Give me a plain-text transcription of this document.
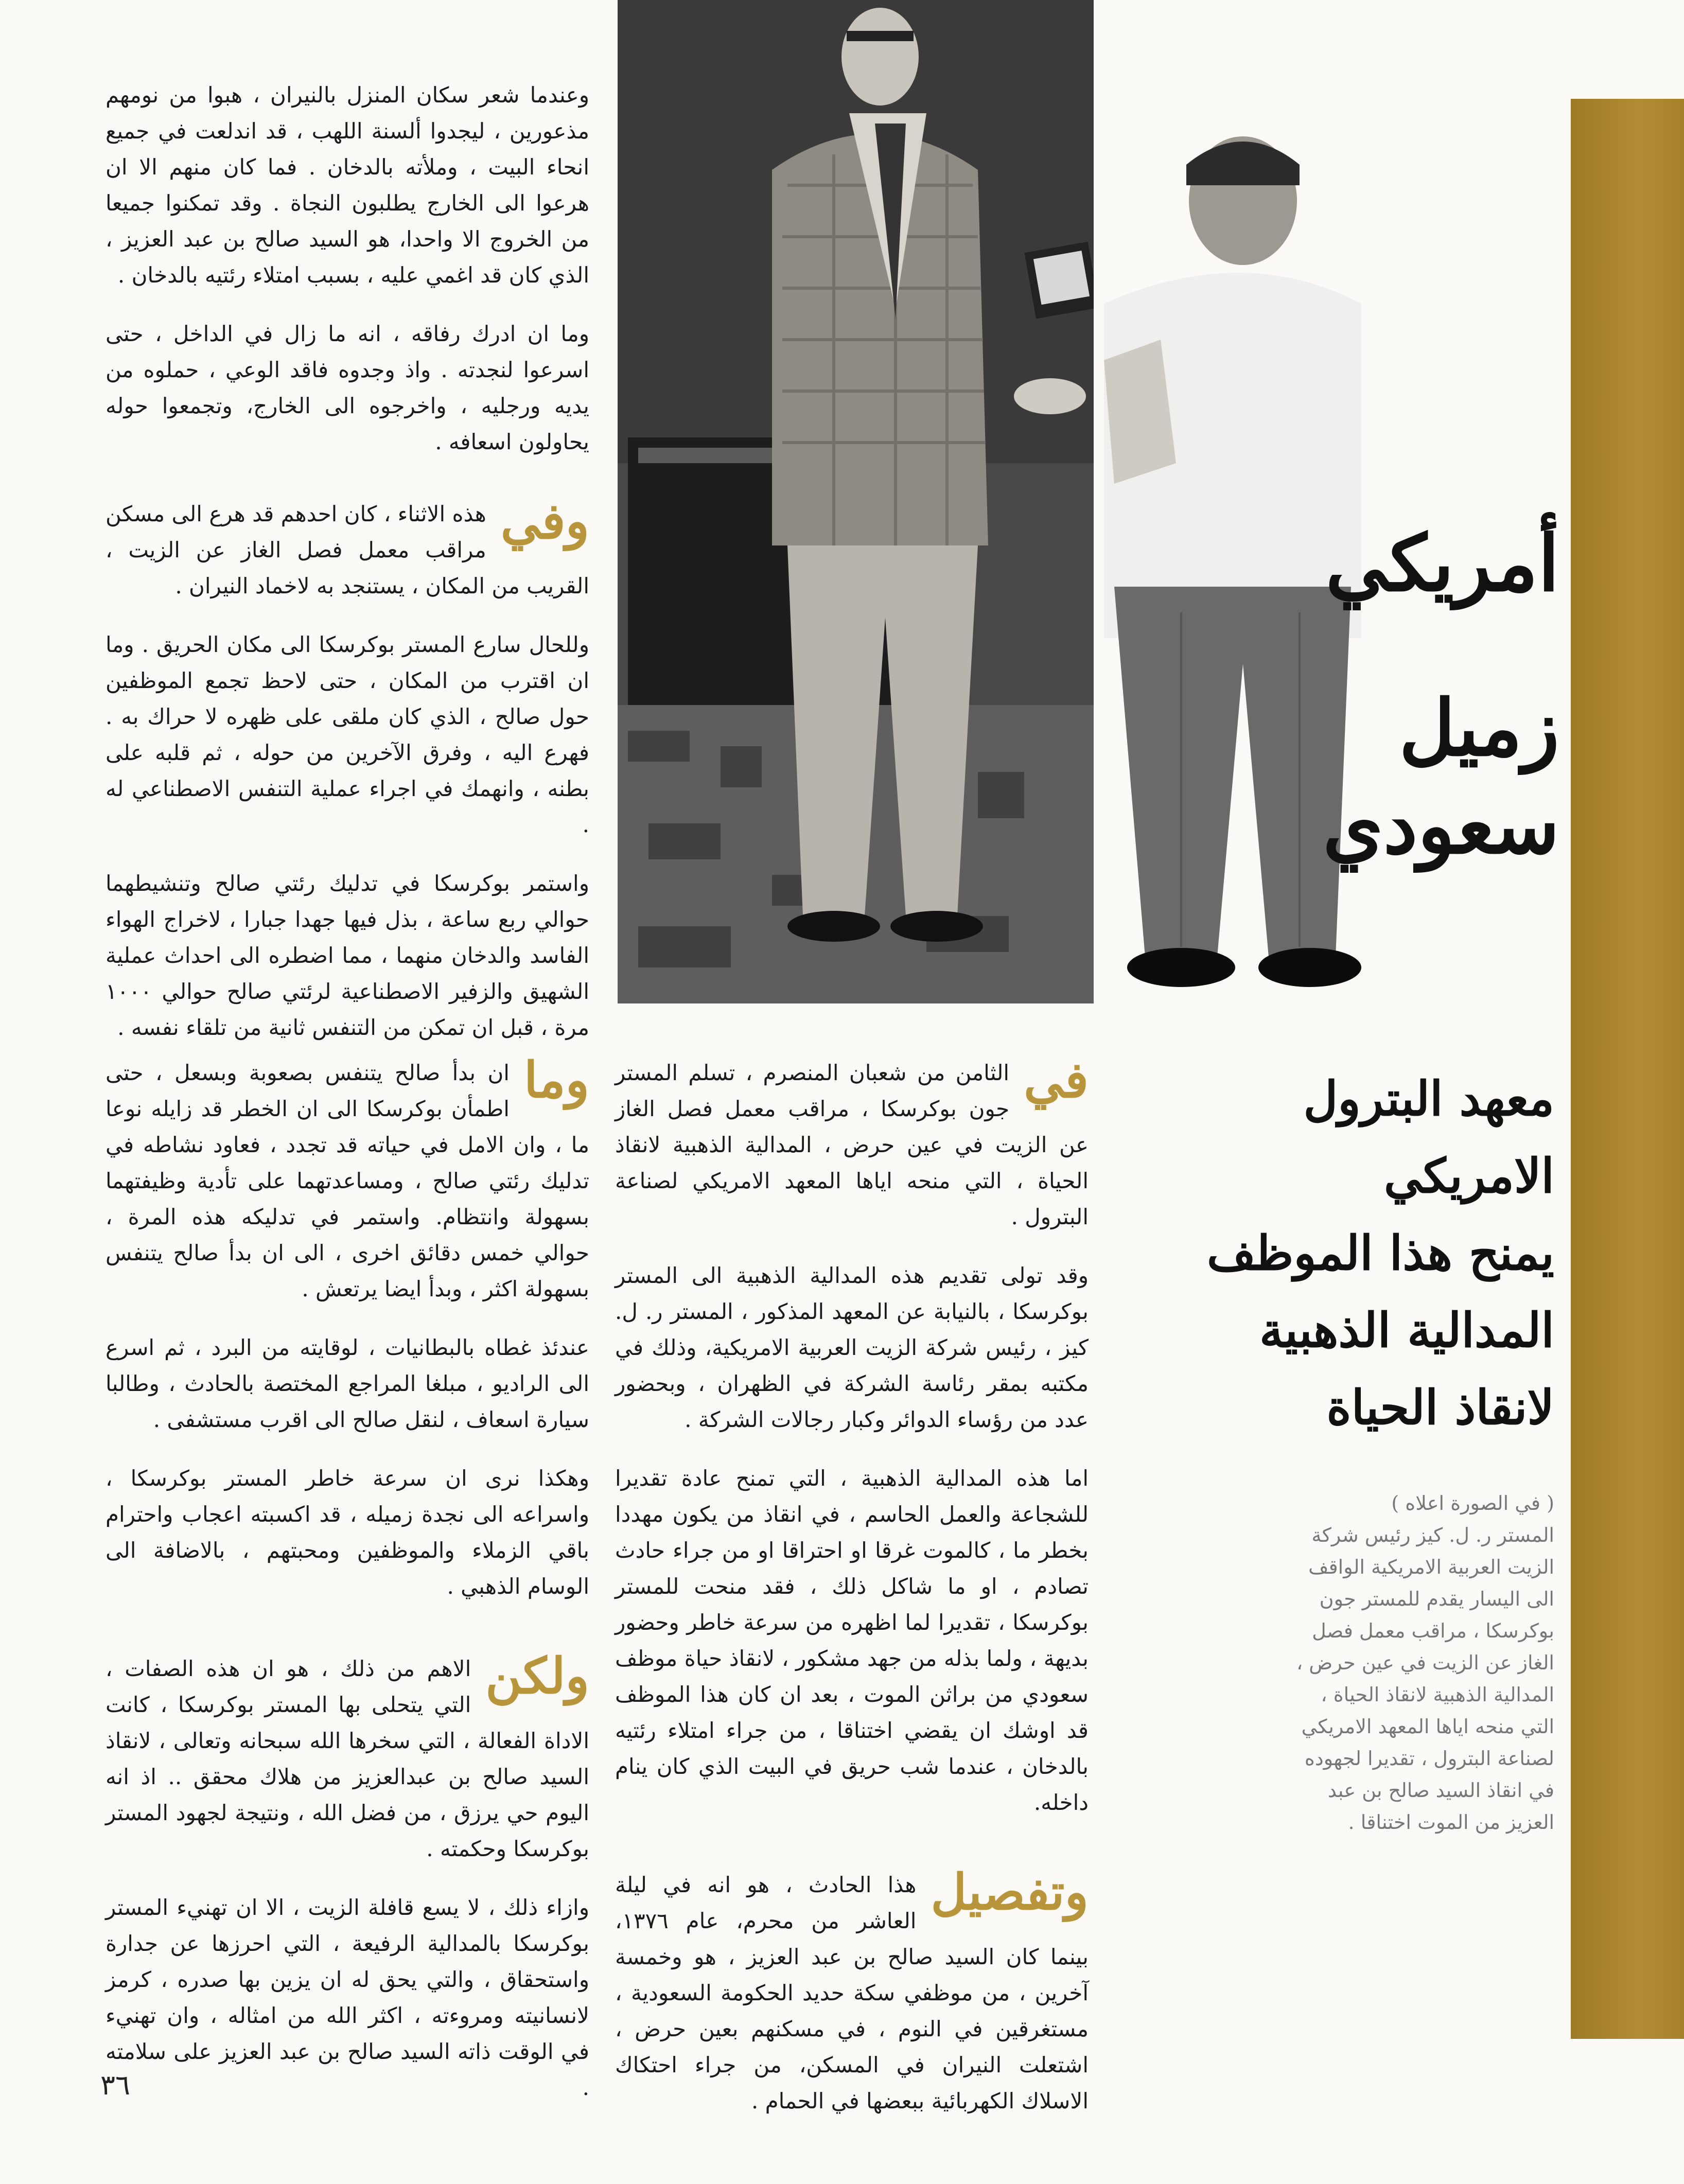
أمريكي
زميل سعودي
معهد البترول الامريكي
يمنح هذا الموظف
المدالية الذهبية
لانقاذ الحياة
( في الصورة اعلاه )
المستر ر. ل. كيز رئيس شركة
الزيت العربية الامريكية الواقف
الى اليسار يقدم للمستر جون
بوكرسكا ، مراقب معمل فصل
الغاز عن الزيت في عين حرض ،
المدالية الذهبية لانقاذ الحياة ،
التي منحه اياها المعهد الامريكي
لصناعة البترول ، تقديرا لجهوده
في انقاذ السيد صالح بن عبد
العزيز من الموت اختناقا .

وعندما شعر سكان المنزل بالنيران ، هبوا من نومهم مذعورين ، ليجدوا ألسنة اللهب ، قد اندلعت في جميع انحاء البيت ، وملأته بالدخان . فما كان منهم الا ان هرعوا الى الخارج يطلبون النجاة . وقد تمكنوا جميعا من الخروج الا واحدا، هو السيد صالح بن عبد العزيز ، الذي كان قد اغمي عليه ، بسبب امتلاء رئتيه بالدخان .

وما ان ادرك رفاقه ، انه ما زال في الداخل ، حتى اسرعوا لنجدته . واذ وجدوه فاقد الوعي ، حملوه من يديه ورجليه ، واخرجوه الى الخارج، وتجمعوا حوله يحاولون اسعافه .

وفي
هذه الاثناء ، كان احدهم قد هرع الى مسكن مراقب معمل فصل الغاز عن الزيت ، القريب من المكان ، يستنجد به لاخماد النيران .

وللحال سارع المستر بوكرسكا الى مكان الحريق . وما ان اقترب من المكان ، حتى لاحظ تجمع الموظفين حول صالح ، الذي كان ملقى على ظهره لا حراك به . فهرع اليه ، وفرق الآخرين من حوله ، ثم قلبه على بطنه ، وانهمك في اجراء عملية التنفس الاصطناعي له .

واستمر بوكرسكا في تدليك رئتي صالح وتنشيطهما حوالي ربع ساعة ، بذل فيها جهدا جبارا ، لاخراج الهواء الفاسد والدخان منهما ، مما اضطره الى احداث عملية الشهيق والزفير الاصطناعية لرئتي صالح حوالي ١٠٠٠ مرة ، قبل ان تمكن من التنفس ثانية من تلقاء نفسه .

وما
ان بدأ صالح يتنفس بصعوبة وبسعل ، حتى اطمأن بوكرسكا الى ان الخطر قد زايله نوعا ما ، وان الامل في حياته قد تجدد ، فعاود نشاطه في تدليك رئتي صالح ، ومساعدتهما على تأدية وظيفتهما بسهولة وانتظام. واستمر في تدليكه هذه المرة ، حوالي خمس دقائق اخرى ، الى ان بدأ صالح يتنفس بسهولة اكثر ، وبدأ ايضا يرتعش .

عندئذ غطاه بالبطانيات ، لوقايته من البرد ، ثم اسرع الى الراديو ، مبلغا المراجع المختصة بالحادث ، وطالبا سيارة اسعاف ، لنقل صالح الى اقرب مستشفى .

وهكذا نرى ان سرعة خاطر المستر بوكرسكا ، واسراعه الى نجدة زميله ، قد اكسبته اعجاب واحترام باقي الزملاء والموظفين ومحبتهم ، بالاضافة الى الوسام الذهبي .

ولكن
الاهم من ذلك ، هو ان هذه الصفات ، التي يتحلى بها المستر بوكرسكا ، كانت الاداة الفعالة ، التي سخرها الله سبحانه وتعالى ، لانقاذ السيد صالح بن عبدالعزيز من هلاك محقق .. اذ انه اليوم حي يرزق ، من فضل الله ، ونتيجة لجهود المستر بوكرسكا وحكمته .

وازاء ذلك ، لا يسع قافلة الزيت ، الا ان تهنيء المستر بوكرسكا بالمدالية الرفيعة ، التي احرزها عن جدارة واستحقاق ، والتي يحق له ان يزين بها صدره ، كرمز لانسانيته ومروءته ، اكثر الله من امثاله ، وان تهنيء في الوقت ذاته السيد صالح بن عبد العزيز على سلامته .

في
الثامن من شعبان المنصرم ، تسلم المستر جون بوكرسكا ، مراقب معمل فصل الغاز عن الزيت في عين حرض ، المدالية الذهبية لانقاذ الحياة ، التي منحه اياها المعهد الامريكي لصناعة البترول .

وقد تولى تقديم هذه المدالية الذهبية الى المستر بوكرسكا ، بالنيابة عن المعهد المذكور ، المستر ر. ل. كيز ، رئيس شركة الزيت العربية الامريكية، وذلك في مكتبه بمقر رئاسة الشركة في الظهران ، وبحضور عدد من رؤساء الدوائر وكبار رجالات الشركة .

اما هذه المدالية الذهبية ، التي تمنح عادة تقديرا للشجاعة والعمل الحاسم ، في انقاذ من يكون مهددا بخطر ما ، كالموت غرقا او احتراقا او من جراء حادث تصادم ، او ما شاكل ذلك ، فقد منحت للمستر بوكرسكا ، تقديرا لما اظهره من سرعة خاطر وحضور بديهة ، ولما بذله من جهد مشكور ، لانقاذ حياة موظف سعودي من براثن الموت ، بعد ان كان هذا الموظف قد اوشك ان يقضي اختناقا ، من جراء امتلاء رئتيه بالدخان ، عندما شب حريق في البيت الذي كان ينام داخله.

وتفصيل
هذا الحادث ، هو انه في ليلة العاشر من محرم، عام ١٣٧٦، بينما كان السيد صالح بن عبد العزيز ، هو وخمسة آخرين ، من موظفي سكة حديد الحكومة السعودية ، مستغرقين في النوم ، في مسكنهم بعين حرض ، اشتعلت النيران في المسكن، من جراء احتكاك الاسلاك الكهربائية ببعضها في الحمام .

٣٦
